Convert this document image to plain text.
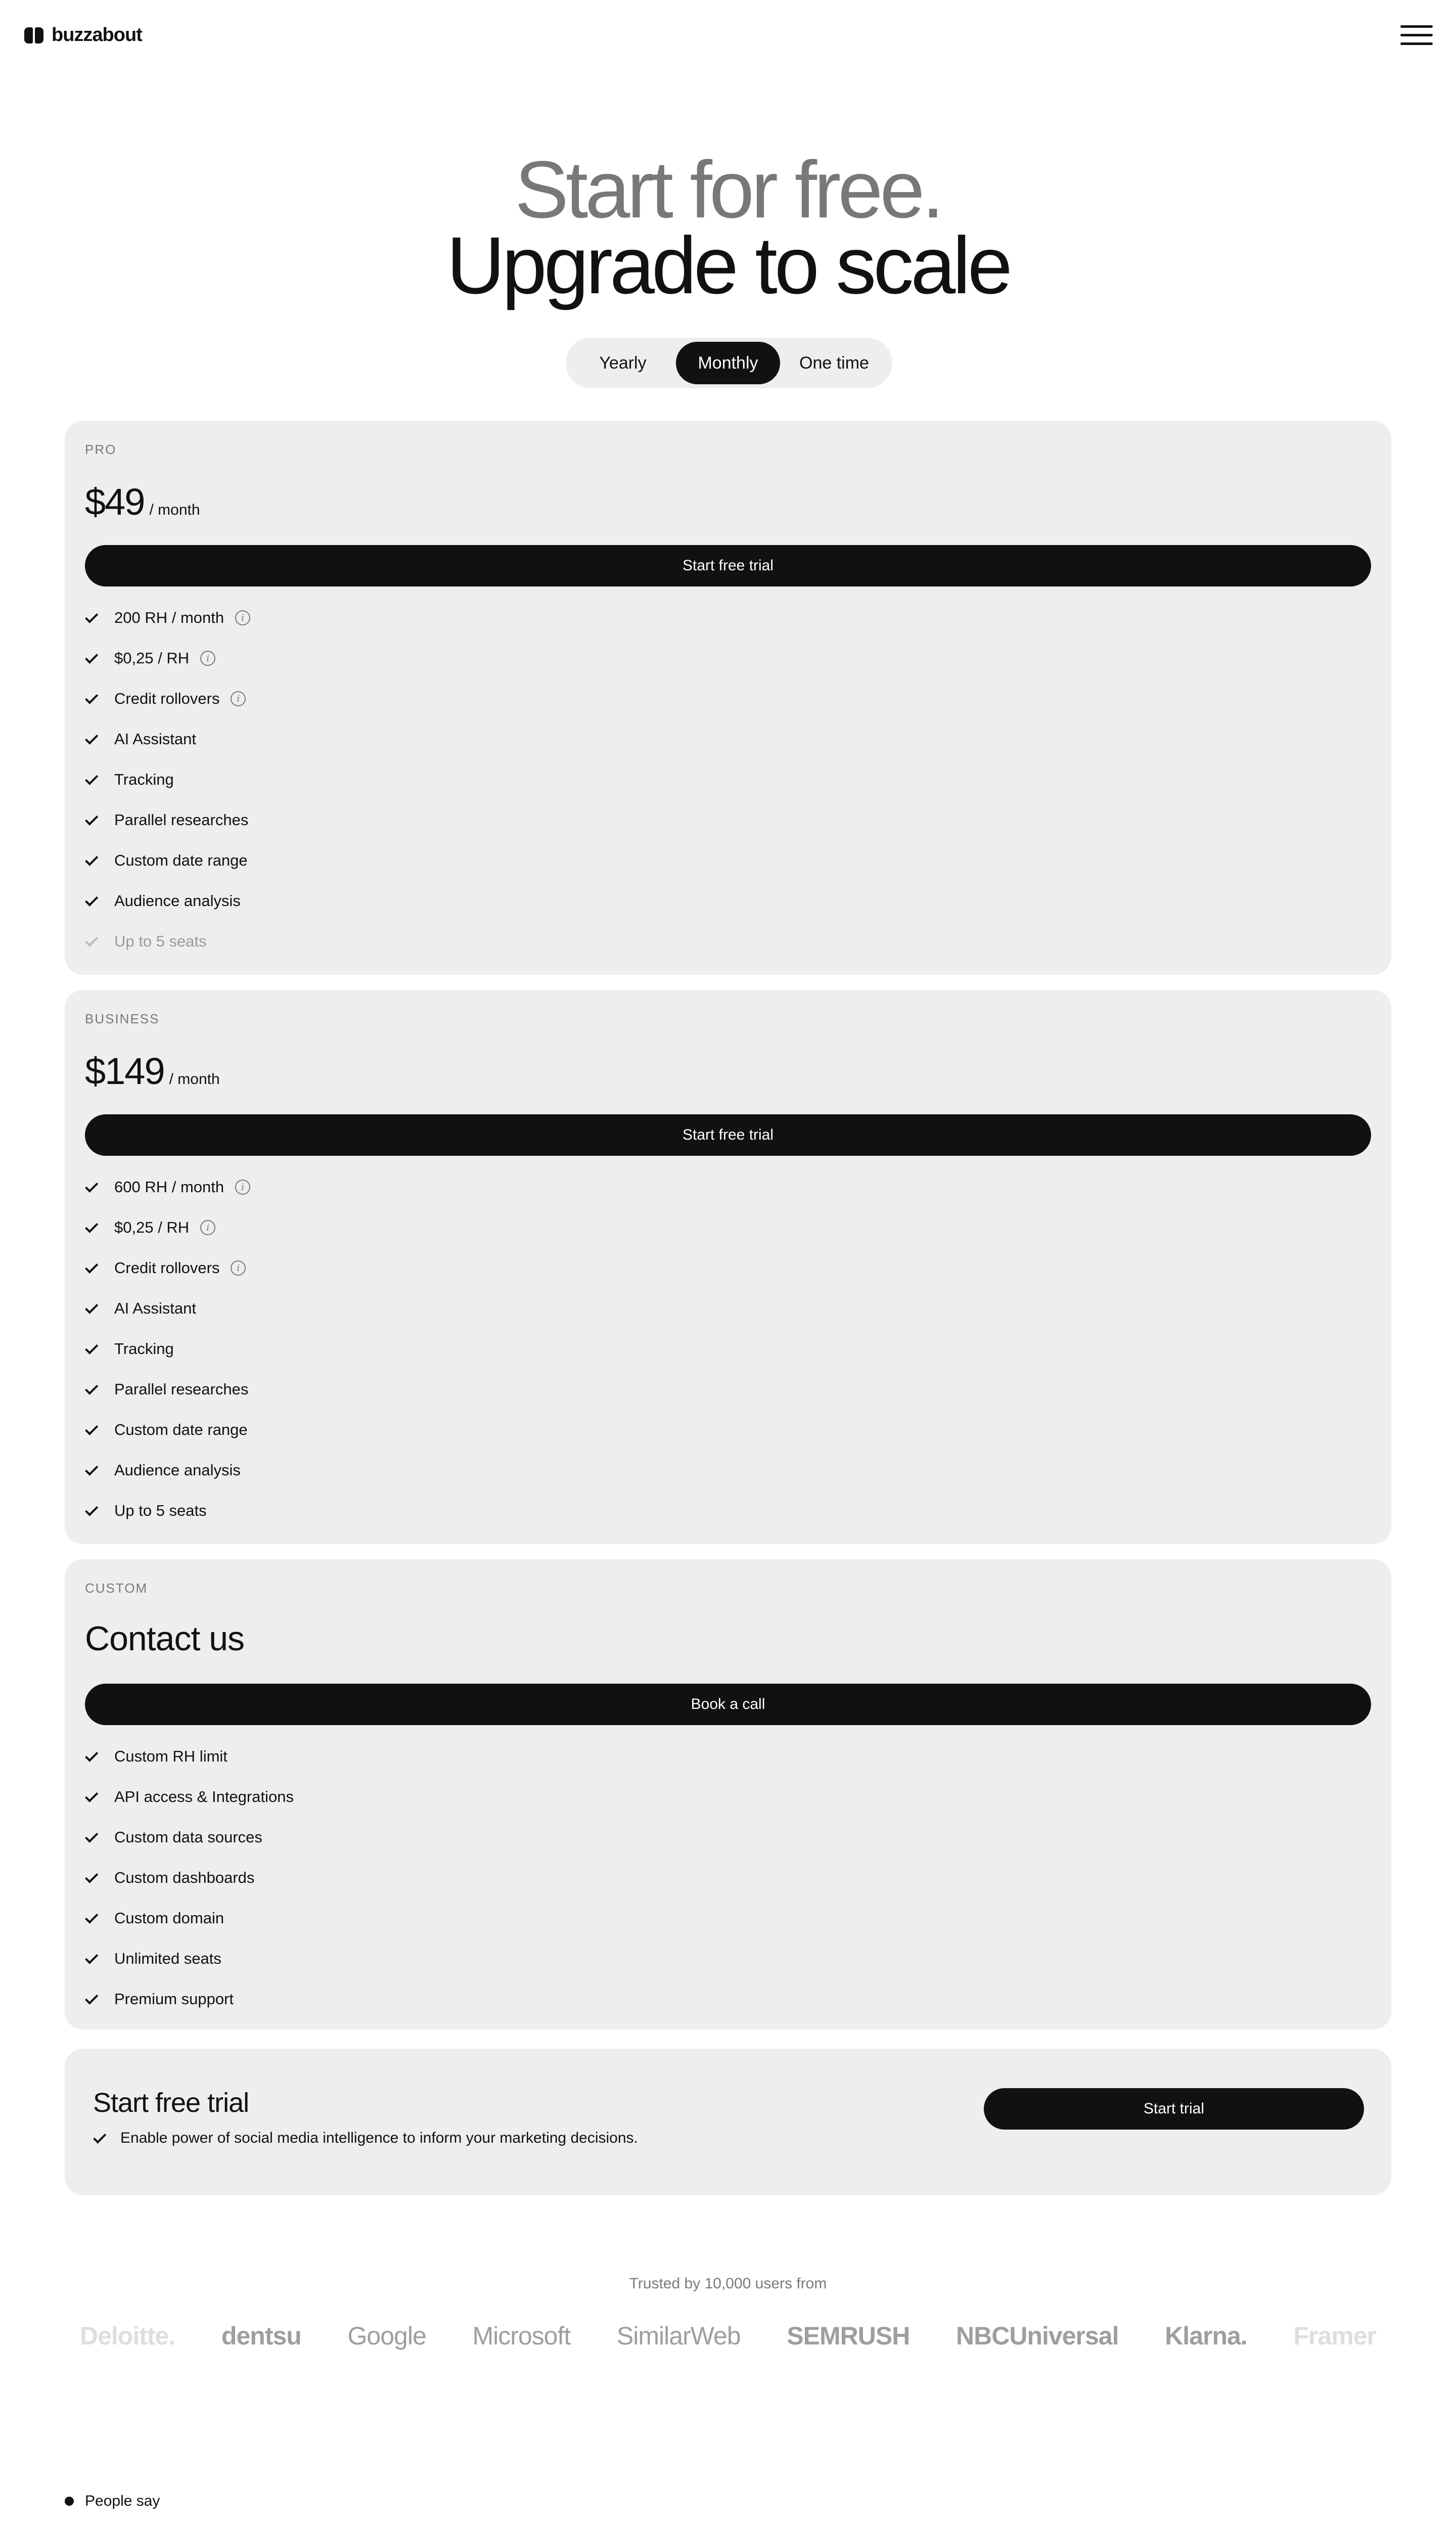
buzzabout
Start for free.
Upgrade to scale
Yearly	Monthly	One time
PRO
$49 / month
Start free trial
200 RH / month	i
$0,25 / RH	i
Credit rollovers	i
AI Assistant
Tracking
Parallel researches
Custom date range
Audience analysis
Up to 5 seats
BUSINESS
$149 / month
Start free trial
600 RH / month	i
$0,25 / RH	i
Credit rollovers	i
AI Assistant
Tracking
Parallel researches
Custom date range
Audience analysis
Up to 5 seats
CUSTOM
Contact us
Book a call
Custom RH limit
API access & Integrations
Custom data sources
Custom dashboards
Custom domain
Unlimited seats
Premium support
Start free trial
Enable power of social media intelligence to inform your marketing decisions.
Start trial
Trusted by 10,000 users from
Deloitte. dentsu Google Microsoft SimilarWeb SEMRUSH NBCUniversal Klarna. Framer
People say
